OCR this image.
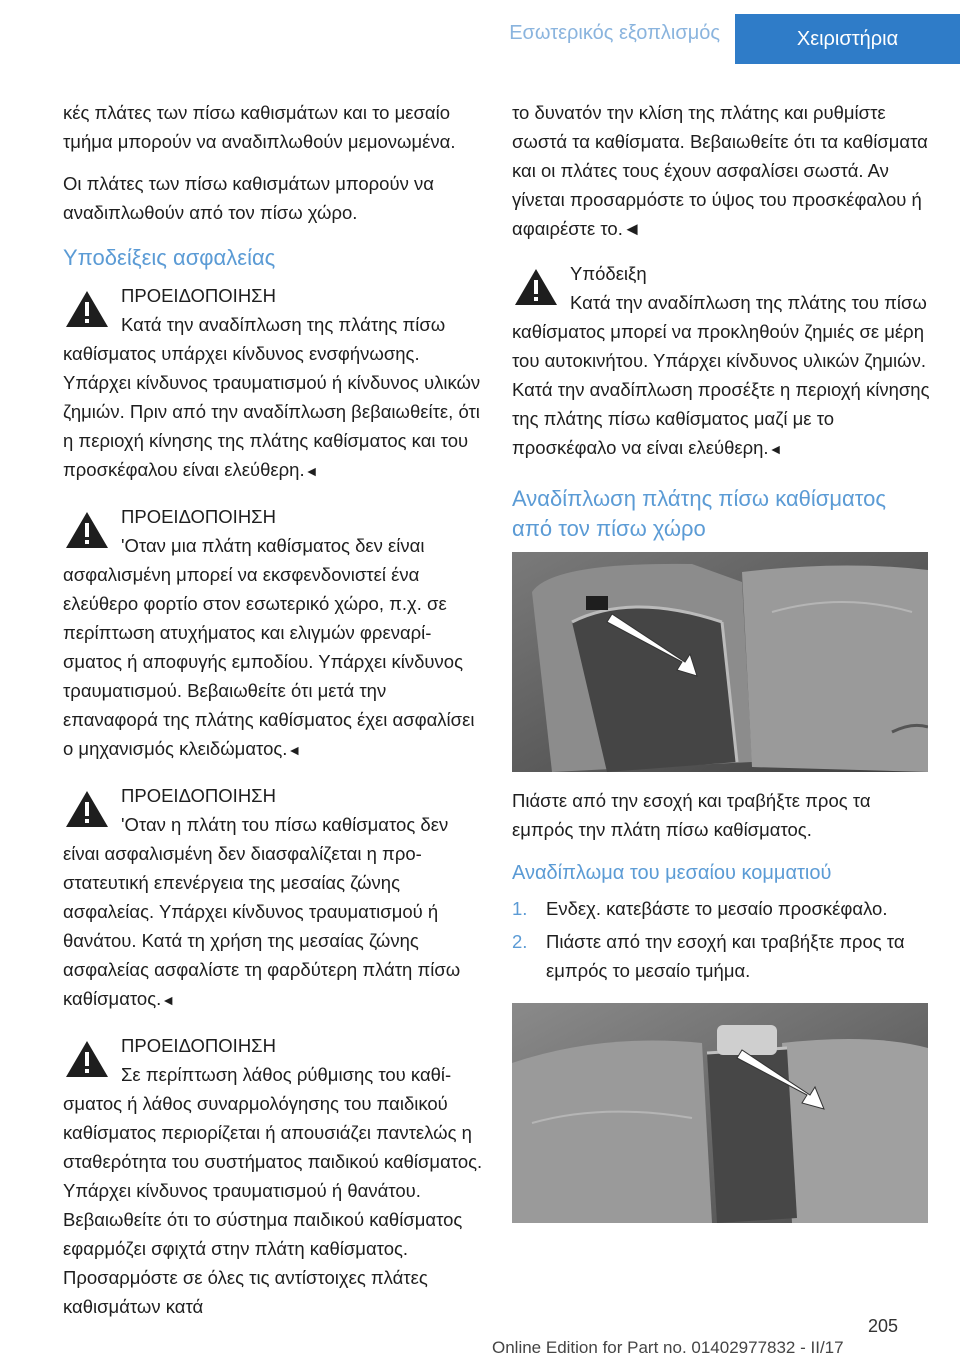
Εσωτερικός εξοπλισμός	Χειριστήρια

κές πλάτες των πίσω καθισμάτων και το μεσαίο τμήμα μπορούν να αναδιπλωθούν μεμονωμένα.

Οι πλάτες των πίσω καθισμάτων μπορούν να αναδιπλωθούν από τον πίσω χώρο.

Υποδείξεις ασφαλείας
ΠΡΟΕΙΔΟΠΟΙΗΣΗ
Κατά την αναδίπλωση της πλάτης πίσω καθίσματος υπάρχει κίνδυνος ενσφήνωσης. Υπάρχει κίνδυνος τραυματισμού ή κίνδυνος υλικών ζημιών. Πριν από την αναδίπλωση βεβαιωθείτε, ότι η περιοχή κίνησης της πλάτης καθίσματος και του προσκέφαλου είναι ελεύθερη.◄
ΠΡΟΕΙΔΟΠΟΙΗΣΗ
'Οταν μια πλάτη καθίσματος δεν είναι ασφαλισμένη μπορεί να εκσφενδονιστεί ένα ελεύθερο φορτίο στον εσωτερικό χώρο, π.χ. σε περίπτωση ατυχήματος και ελιγμών φρεναρίσματος ή αποφυγής εμποδίου. Υπάρχει κίνδυνος τραυματισμού. Βεβαιωθείτε ότι μετά την επαναφορά της πλάτης καθίσματος έχει ασφαλίσει ο μηχανισμός κλειδώματος.◄
ΠΡΟΕΙΔΟΠΟΙΗΣΗ
'Οταν η πλάτη του πίσω καθίσματος δεν είναι ασφαλισμένη δεν διασφαλίζεται η προστατευτική επενέργεια της μεσαίας ζώνης ασφαλείας. Υπάρχει κίνδυνος τραυματισμού ή θανάτου. Κατά τη χρήση της μεσαίας ζώνης ασφαλείας ασφαλίστε τη φαρδύτερη πλάτη πίσω καθίσματος.◄
ΠΡΟΕΙΔΟΠΟΙΗΣΗ
Σε περίπτωση λάθος ρύθμισης του καθίσματος ή λάθος συναρμολόγησης του παιδικού καθίσματος περιορίζεται ή απουσιάζει παντελώς η σταθερότητα του συστήματος παιδικού καθίσματος. Υπάρχει κίνδυνος τραυματισμού ή θανάτου. Βεβαιωθείτε ότι το σύστημα παιδικού καθίσματος εφαρμόζει σφιχτά στην πλάτη καθίσματος. Προσαρμόστε σε όλες τις αντίστοιχες πλάτες καθισμάτων κατά

το δυνατόν την κλίση της πλάτης και ρυθμίστε σωστά τα καθίσματα. Βεβαιωθείτε ότι τα καθίσματα και οι πλάτες τους έχουν ασφαλίσει σωστά. Αν γίνεται προσαρμόστε το ύψος του προσκέφαλου ή αφαιρέστε το.◄

Υπόδειξη
Κατά την αναδίπλωση της πλάτης του πίσω καθίσματος μπορεί να προκληθούν ζημιές σε μέρη του αυτοκινήτου. Υπάρχει κίνδυνος υλικών ζημιών. Κατά την αναδίπλωση προσέξτε η περιοχή κίνησης της πλάτης πίσω καθίσματος μαζί με το προσκέφαλο να είναι ελεύθερη.◄
Αναδίπλωση πλάτης πίσω καθίσματος από τον πίσω χώρο

Πιάστε από την εσοχή και τραβήξτε προς τα εμπρός την πλάτη πίσω καθίσματος.

Αναδίπλωμα του μεσαίου κομματιού
1. Ενδεχ. κατεβάστε το μεσαίο προσκέφαλο.
2. Πιάστε από την εσοχή και τραβήξτε προς τα εμπρός το μεσαίο τμήμα.
205
Online Edition for Part no. 01402977832 - II/17
